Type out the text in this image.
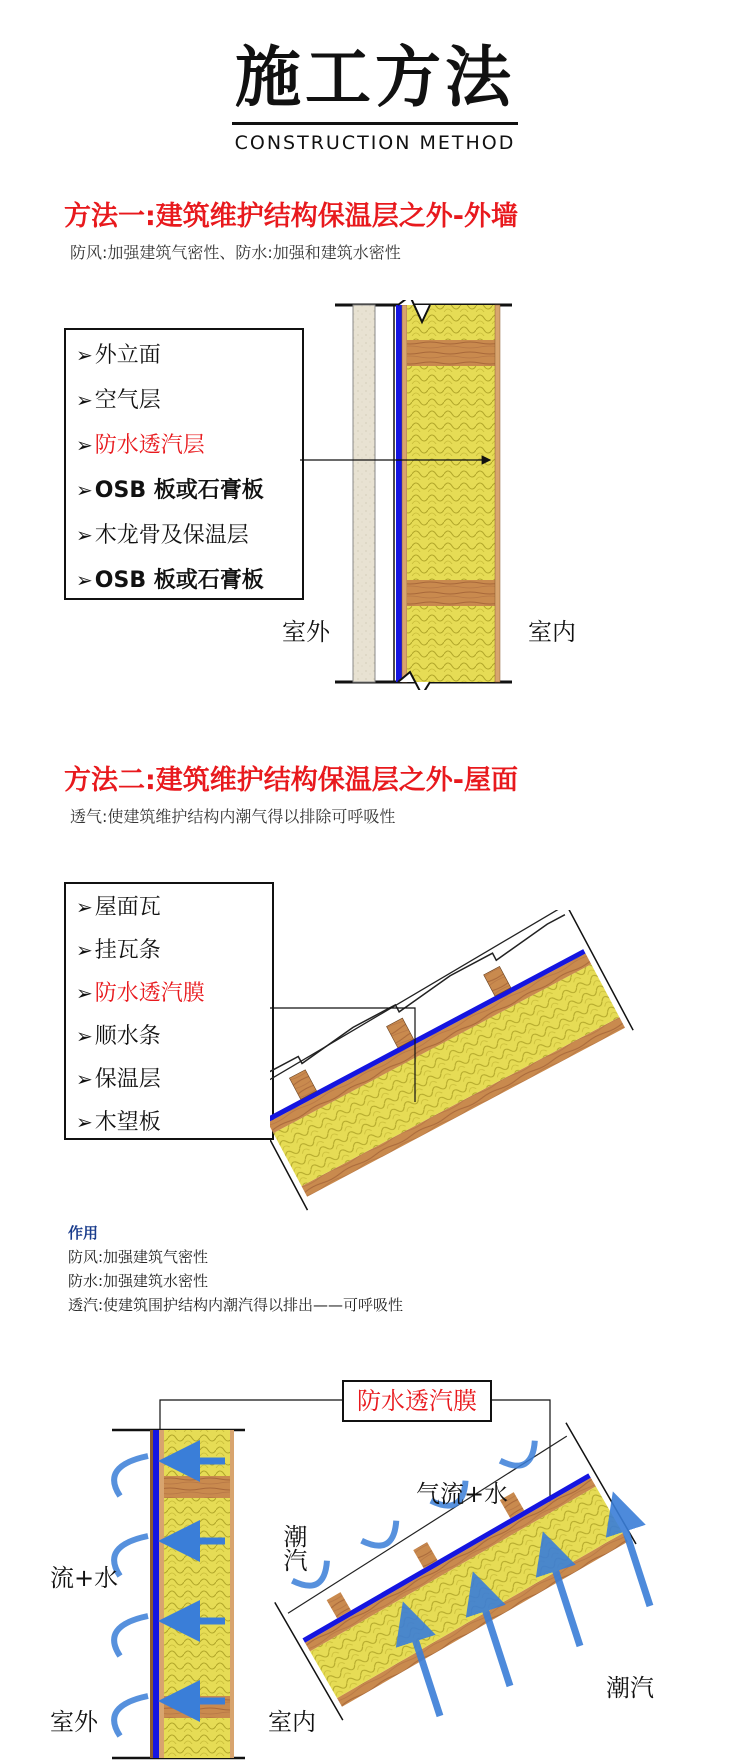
施工方法
CONSTRUCTION METHOD
方法一:建筑维护结构保温层之外-外墙
防风:加强建筑气密性、防水:加强和建筑水密性
➢外立面
➢空气层
➢防水透汽层
➢OSB 板或石膏板
➢木龙骨及保温层
➢OSB 板或石膏板
室外	室内
方法二:建筑维护结构保温层之外-屋面
透气:使建筑维护结构内潮气得以排除可呼吸性
➢屋面瓦
➢挂瓦条
➢防水透汽膜
➢顺水条
➢保温层
➢木望板
作用
防风:加强建筑气密性
防水:加强建筑水密性
透汽:使建筑围护结构内潮汽得以排出——可呼吸性
防水透汽膜
流+水
潮汽
室外	室内
气流+水
潮汽
